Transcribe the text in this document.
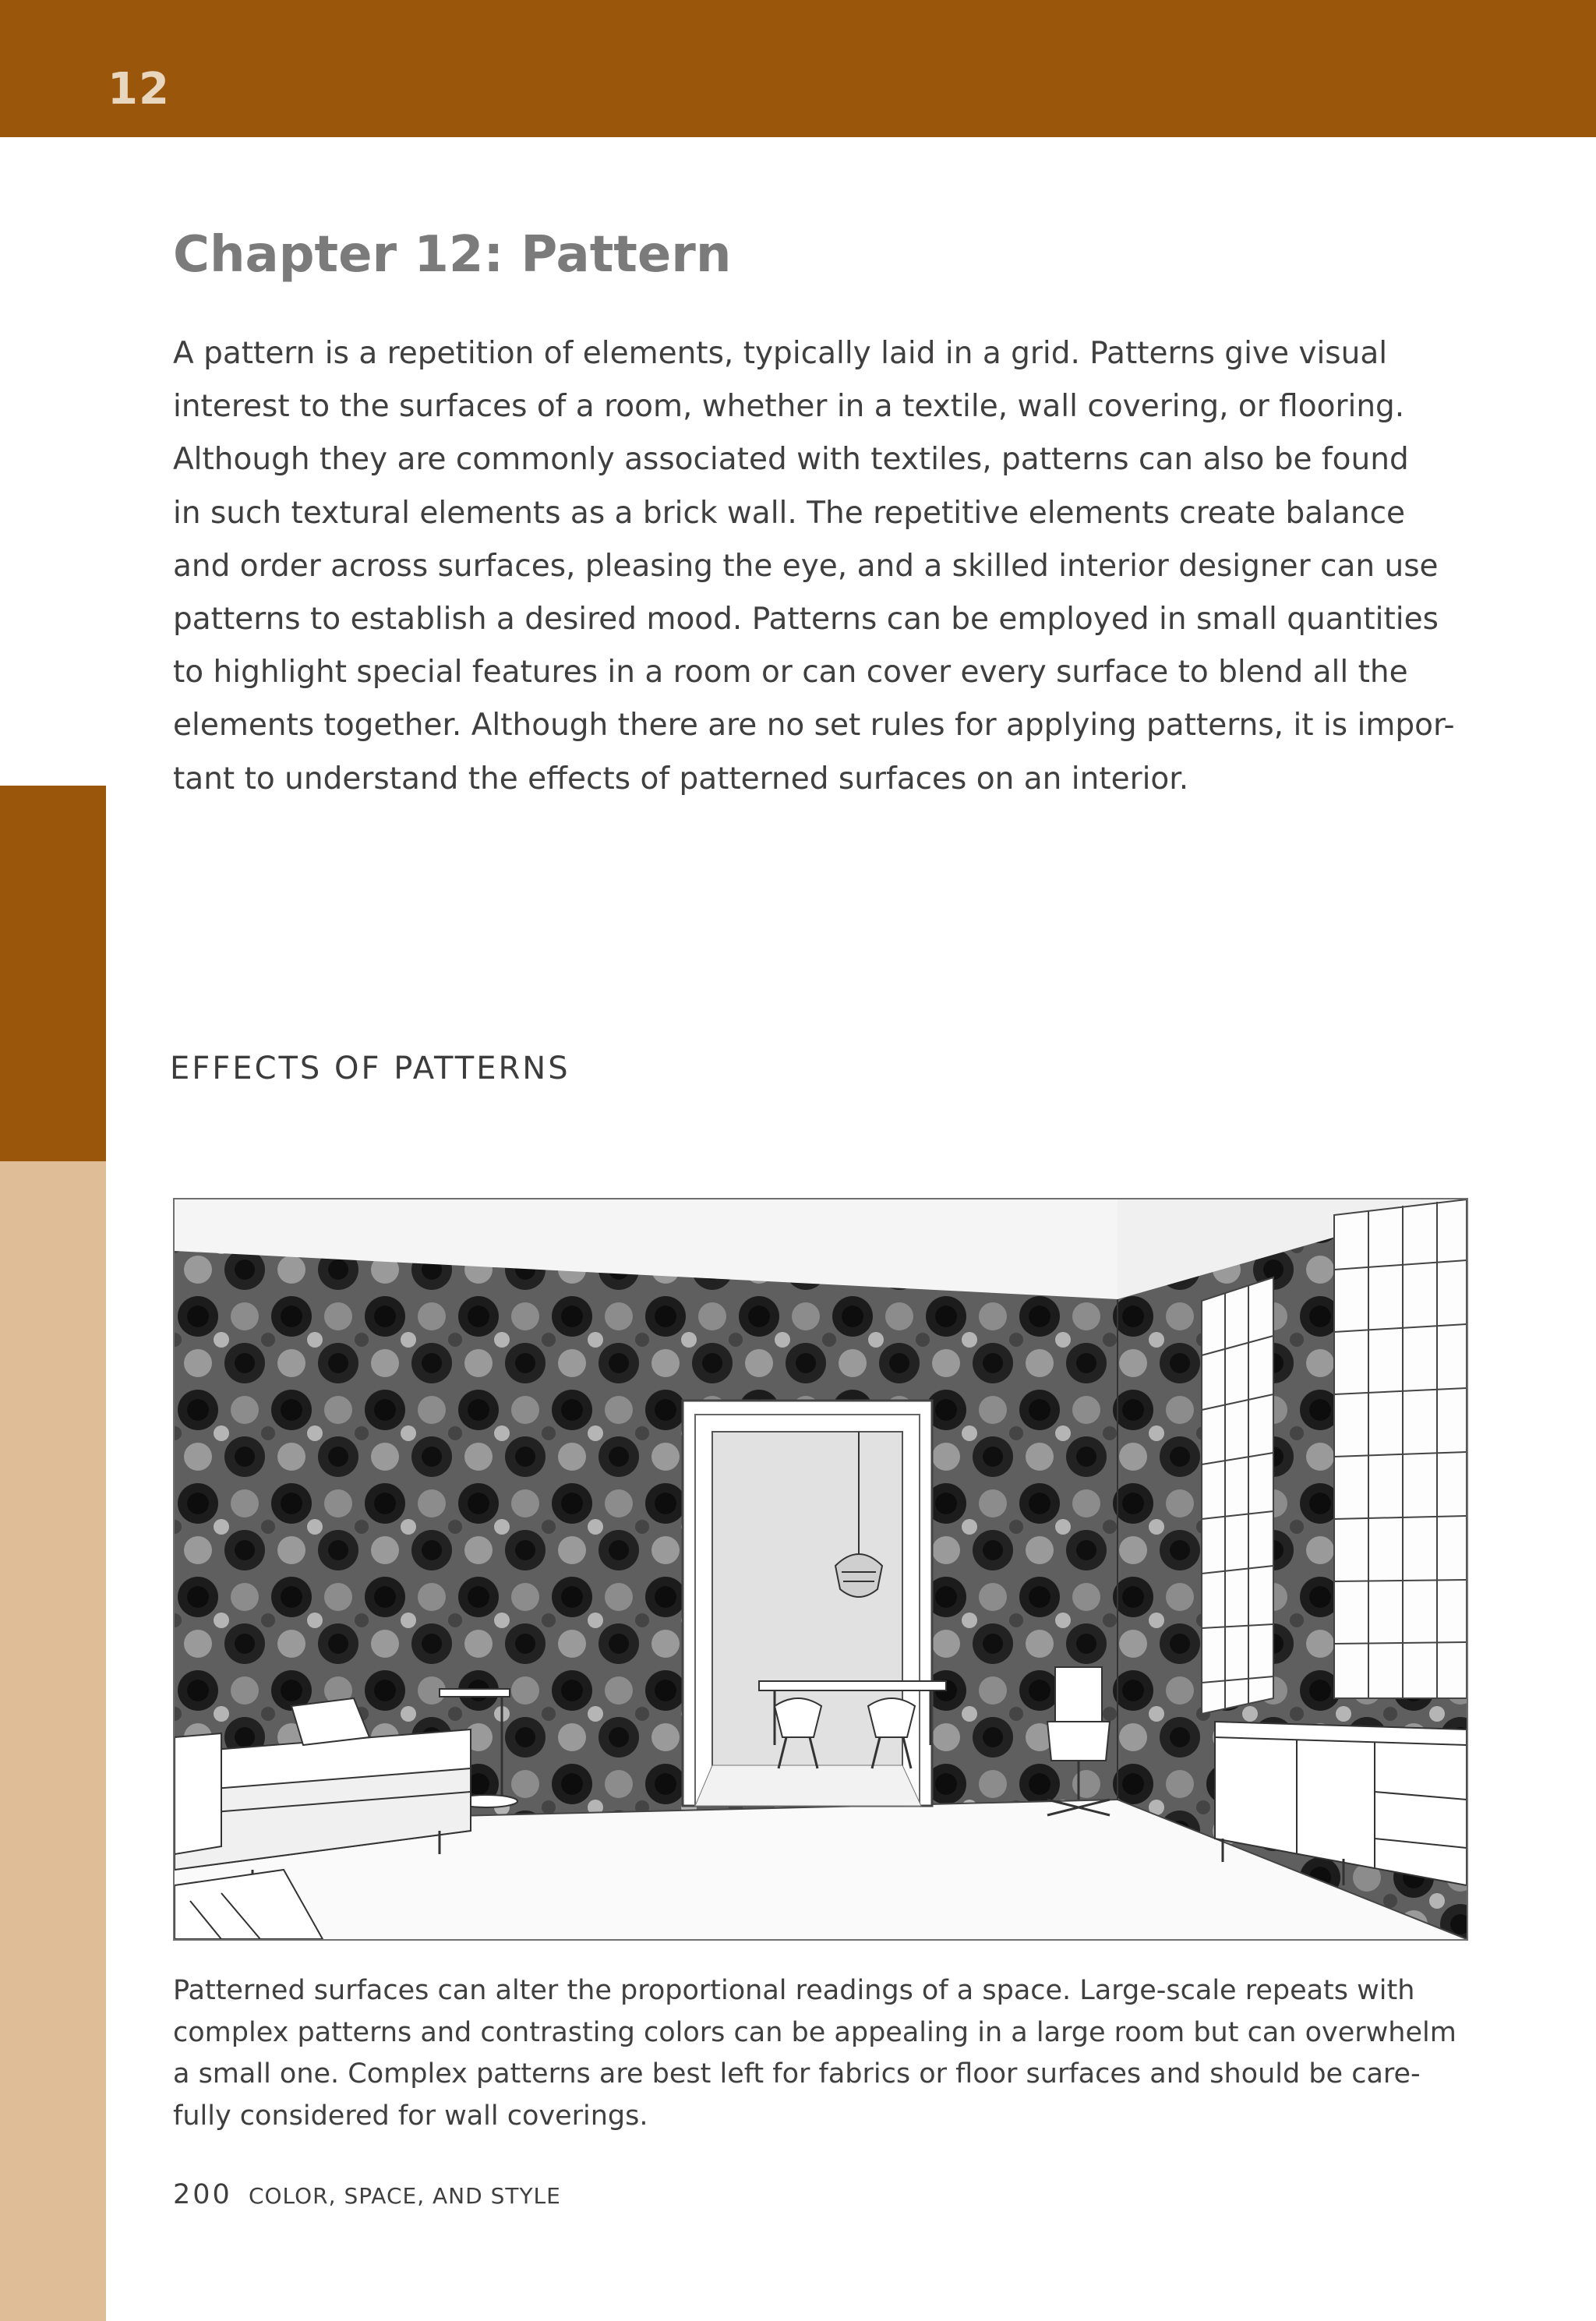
12
Chapter 12: Pattern
A pattern is a repetition of elements, typically laid in a grid. Patterns give visual
interest to the surfaces of a room, whether in a textile, wall covering, or flooring.
Although they are commonly associated with textiles, patterns can also be found
in such textural elements as a brick wall. The repetitive elements create balance
and order across surfaces, pleasing the eye, and a skilled interior designer can use
patterns to establish a desired mood. Patterns can be employed in small quantities
to highlight special features in a room or can cover every surface to blend all the
elements together. Although there are no set rules for applying patterns, it is impor-
tant to understand the effects of patterned surfaces on an interior.
EFFECTS OF PATTERNS
Patterned surfaces can alter the proportional readings of a space. Large-scale repeats with
complex patterns and contrasting colors can be appealing in a large room but can overwhelm
a small one. Complex patterns are best left for fabrics or floor surfaces and should be care-
fully considered for wall coverings.
200 COLOR, SPACE, AND STYLE
